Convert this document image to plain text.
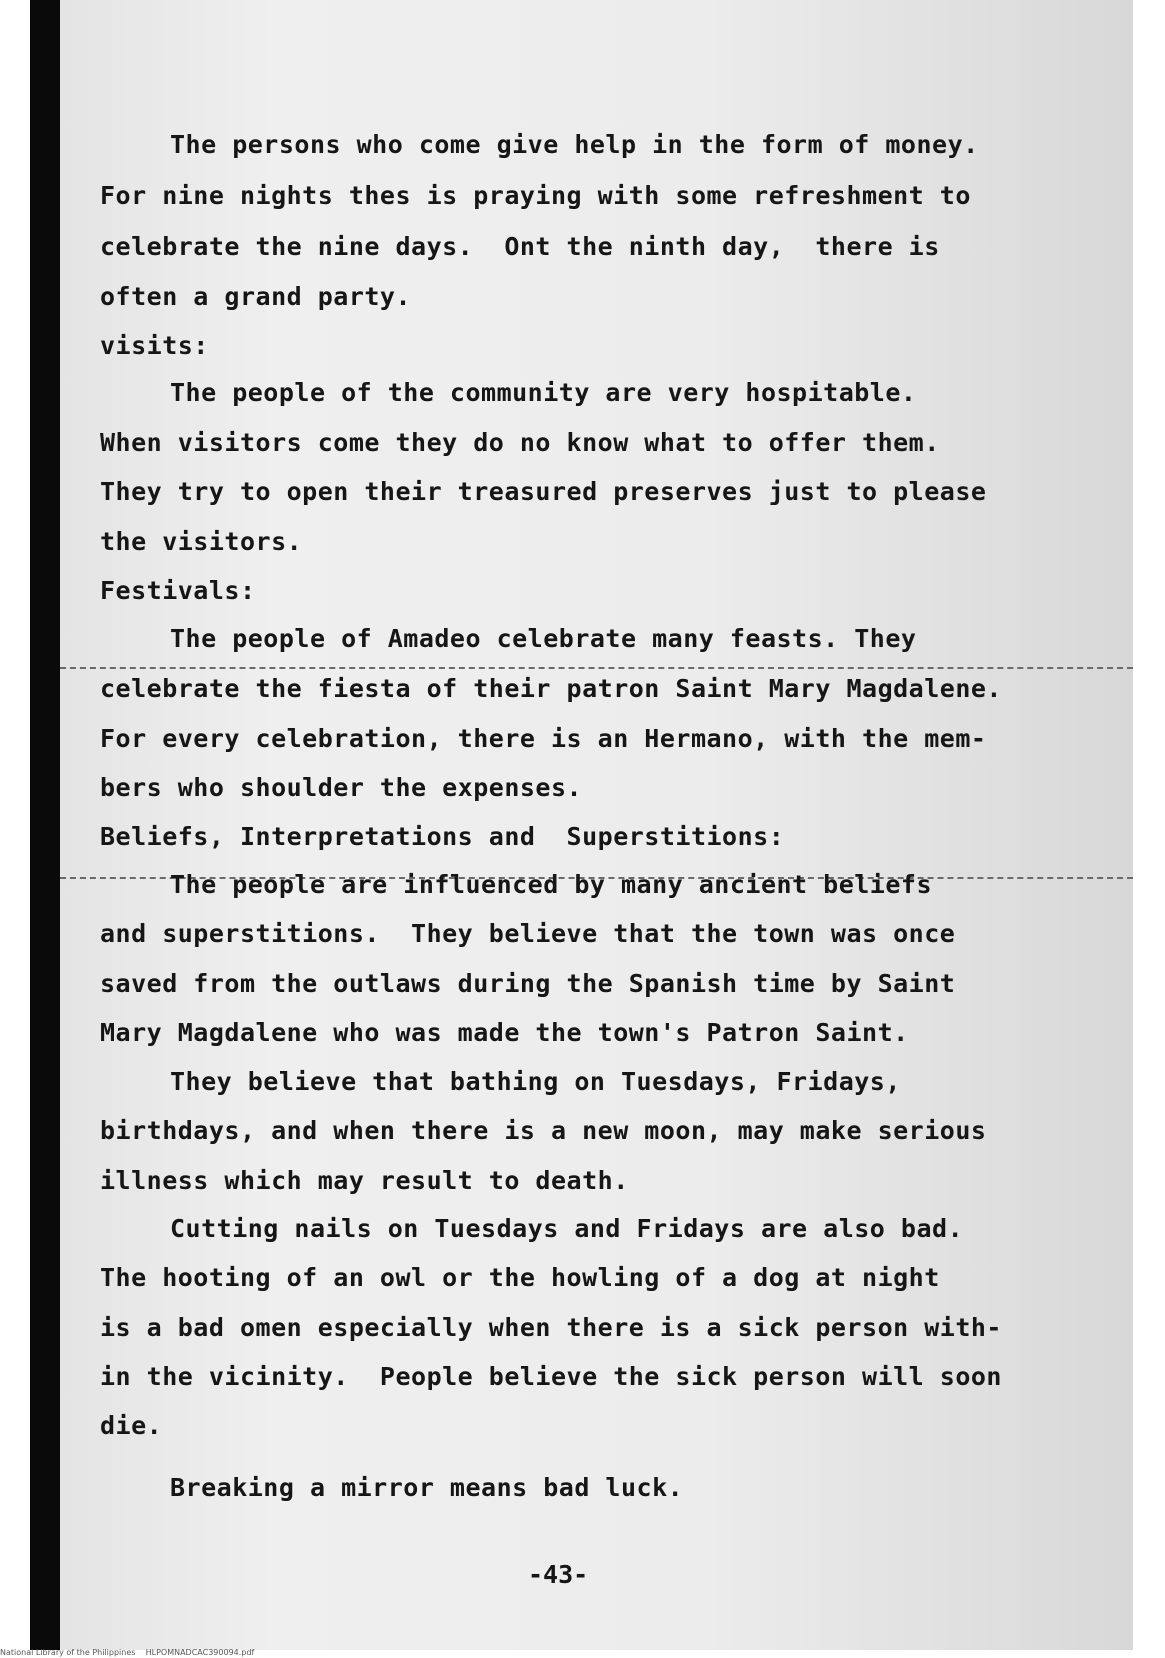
The persons who come give help in the form of money.
For nine nights thes is praying with some refreshment to
celebrate the nine days.  Ont the ninth day,  there is
often a grand party.
visits:
The people of the community are very hospitable.
When visitors come they do no know what to offer them.
They try to open their treasured preserves just to please
the visitors.
Festivals:
The people of Amadeo celebrate many feasts. They
celebrate the fiesta of their patron Saint Mary Magdalene.
For every celebration, there is an Hermano, with the mem-
bers who shoulder the expenses.
Beliefs, Interpretations and  Superstitions:
The people are influenced by many ancient beliefs
and superstitions.  They believe that the town was once
saved from the outlaws during the Spanish time by Saint
Mary Magdalene who was made the town's Patron Saint.
They believe that bathing on Tuesdays, Fridays,
birthdays, and when there is a new moon, may make serious
illness which may result to death.
Cutting nails on Tuesdays and Fridays are also bad.
The hooting of an owl or the howling of a dog at night
is a bad omen especially when there is a sick person with-
in the vicinity.  People believe the sick person will soon
die.
Breaking a mirror means bad luck.
-43-
National Library of the Philippines    HLPOMNADCAC390094.pdf
